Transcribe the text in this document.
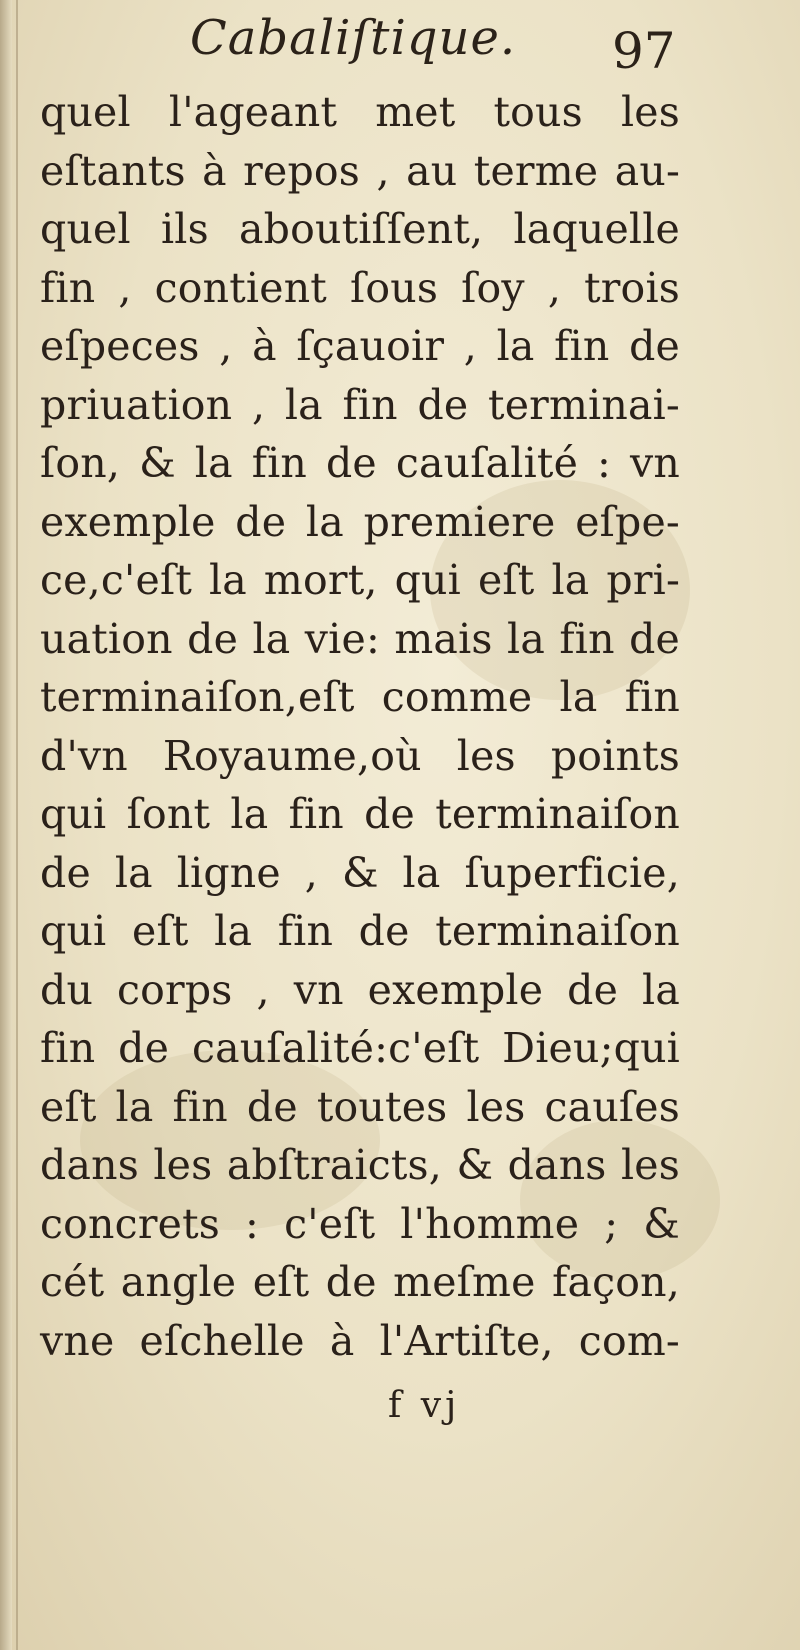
Cabaliſtique. 97
quel l'ageant met tous les
eſtants à repos , au terme au-
quel ils aboutiſſent, laquelle
fin , contient ſous ſoy , trois
eſpeces , à ſçauoir , la fin de
priuation , la fin de terminai-
ſon, & la fin de cauſalité : vn
exemple de la premiere eſpe-
ce,c'eſt la mort, qui eſt la pri-
uation de la vie: mais la fin de
terminaiſon,eſt comme la fin
d'vn Royaume,où les points
qui ſont la fin de terminaiſon
de la ligne , & la ſuperficie,
qui eſt la fin de terminaiſon
du corps , vn exemple de la
fin de cauſalité:c'eſt Dieu;qui
eſt la fin de toutes les cauſes
dans les abſtraicts, & dans les
concrets : c'eſt l'homme ; &
cét angle eſt de meſme façon,
vne eſchelle à l'Artiſte, com-
f vj
